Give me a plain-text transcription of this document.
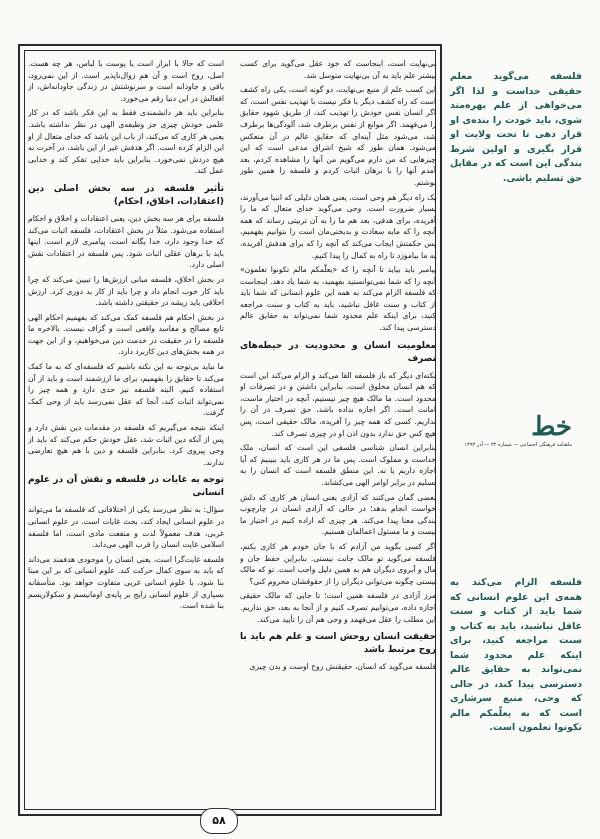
بی‌نهایت است، اینجاست که خود عقل می‌گوید برای کسب بیشتر علم باید به آن بی‌نهایت متوسل شد.

این کسب علم از منبع بی‌نهایت، دو گونه است، یکی راه کشف است که راه کشف دیگر با فکر نیست با تهذیب نفس است، که اگر انسان نفس خودش را تهذیب کند، از طریق شهود حقایق را می‌فهمد. اگر موانع از نفس برطرف شد، آلودگی‌ها برطرف شد، می‌شود مثل آینه‌ای که حقایق عالم در آن منعکس می‌شود. همان طور که شیخ اشراق مدعی است که این چیزهایی که من دارم می‌گویم من آنها را مشاهده کردم، بعد آمدم آنها را با برهان اثبات کردم و فلسفه را همین طور نوشتم.

یک راه دیگر هم وحی است، یعنی همان دلیلی که انبیا می‌آورند، بسیار ضرورت است. وحی می‌گوید خدای متعال که ما را آفریده، برای هدفی، بعد هم ما را به آن تربیتی رساند که همه آنچه را که مایه سعادت و بدبختی‌مان است را بتوانیم بفهمیم، پس حکمتش ایجاب می‌کند که آنچه را که برای هدفش آفریده، به ما بیاموزد تا راه به کمال را پیدا کنیم.

پیامبر باید بیاید تا آنچه را که «یعلّمکم مالم تکونوا تعلمون» آنچه را که شما نمی‌توانستید بفهمید، به شما یاد دهد. اینجاست که فلسفه الزام می‌کند به همه این علوم انسانی که شما باید از کتاب و سنت غافل نباشید، باید به کتاب و سنت مراجعه کنید، برای اینکه علم محدود شما نمی‌تواند به حقایق عالم دسترسی پیدا کند.

معلومیت انسان و محدودیت در حیطه‌های تصرف

نکته‌ای دیگر که باز فلسفه القا می‌کند و الزام می‌کند این است که هم انسان مخلوق است، بنابراین داشتن و در تصرفات او محدود است. ما مالک هیچ چیز نیستیم، آنچه در اختیار ماست، امانت است. اگر اجازه نداده باشد، حق تصرف در آن را نداریم. کسی که همه چیز را آفریده، مالک حقیقی است، پس هیچ کس حق ندارد بدون اذن او در چیزی تصرف کند.

بنابراین انسان شناسی فلسفی این است که انسان، ملک خداست و مملوک است. پس ما در هر کاری باید ببینیم که آیا اجازه داریم یا نه. این منطق فلسفه است که انسان را به تسلیم در برابر اوامر الهی می‌کشاند.

بعضی گمان می‌کنند که آزادی یعنی انسان هر کاری که دلش خواست انجام بدهد؛ در حالی که آزادی انسان در چارچوب بندگی معنا پیدا می‌کند. هر چیزی که اراده کنیم در اختیار ما نیست و ما مسئول اعمالمان هستیم.

اگر کسی بگوید من آزادم که با جان خودم هر کاری بکنم، فلسفه می‌گوید تو مالک جانت نیستی. بنابراین حفظ جان و مال و آبروی دیگران هم به همین دلیل واجب است. تو که مالک نیستی چگونه می‌توانی دیگران را از حقوقشان محروم کنی؟

مرز آزادی در فلسفه همین است؛ تا جایی که مالک حقیقی اجازه داده، می‌توانیم تصرف کنیم و از آنجا به بعد، حق نداریم. این مطلب را عقل می‌فهمد و وحی هم آن را تأیید می‌کند.

حقیقت انسان روحش است و علم هم باید با روح مرتبط باشد

فلسفه می‌گوید که انسان، حقیقتش روح اوست و بدن چیزی

است که حالا با ابزار است یا پوست یا لباس، هر چه هست. اصل، روح است و آن هم زوال‌ناپذیر است. از این نمی‌رود، باقی و جاودانه است و سرنوشتش در زندگی جاودانه‌اش، از افعالش در این دنیا رقم می‌خورد.

بنابراین باید هر دانشمندی فقط به این فکر باشد که در کار علمی خودش چیزی جز وظیفه‌ی الهی در نظر نداشته باشد. یعنی هر کاری که می‌کند، از باب این باشد که خدای متعال از او این الزام کرده است. اگر هدفش غیر از این باشد، در آخرت به هیچ دردش نمی‌خورد. بنابراین باید خدایی تفکر کند و خدایی عمل کند.

تأثیر فلسفه در سه بخش اصلی دین (اعتقادات، اخلاق، احکام)

فلسفه برای هر سه بخش دین، یعنی اعتقادات و اخلاق و احکام استفاده می‌شود. مثلاً در بخش اعتقادات، فلسفه اثبات می‌کند که خدا وجود دارد، خدا یگانه است، پیامبری لازم است. اینها باید با برهان عقلی اثبات شود. پس فلسفه در اعتقادات نقش اصلی دارد.

در بخش اخلاق، فلسفه مبانی ارزش‌ها را تبیین می‌کند که چرا باید کار خوب انجام داد و چرا باید از کار بد دوری کرد. ارزش اخلاقی باید ریشه در حقیقتی داشته باشد.

در بخش احکام هم فلسفه کمک می‌کند که بفهمیم احکام الهی تابع مصالح و مفاسد واقعی است و گزاف نیست. بالاخره ما فلسفه را در حقیقت در خدمت دین می‌خواهیم، و از این جهت در همه بخش‌های دین کاربرد دارد.

ما نباید بی‌توجه به این نکته باشیم که فلسفه‌ای که به ما کمک می‌کند تا حقایق را بفهمیم، برای ما ارزشمند است و باید از آن استفاده کنیم. البته فلسفه نیز حدی دارد و همه چیز را نمی‌تواند اثبات کند، آنجا که عقل نمی‌رسد باید از وحی کمک گرفت.

اینکه نتیجه می‌گیریم که فلسفه در مقدمات دین نقش دارد و پس از آنکه دین اثبات شد، عقل خودش حکم می‌کند که باید از وحی پیروی کرد. بنابراین فلسفه و دین با هم هیچ تعارضی ندارند.

توجه به غایات در فلسفه و نقش آن در علوم انسانی

سؤال: به نظر می‌رسد یکی از اختلافاتی که فلسفه ما می‌تواند در علوم انسانی ایجاد کند، بحث غایات است. در علوم انسانی غربی، هدف معمولاً لذت و منفعت مادی است، اما فلسفه اسلامی غایت انسان را قرب الهی می‌داند.

فلسفه غایت‌گرا است، یعنی انسان را موجودی هدفمند می‌داند که باید به سوی کمال حرکت کند. علوم انسانی که بر این مبنا بنا شود، با علوم انسانی غربی متفاوت خواهد بود. متأسفانه بسیاری از علوم انسانی رایج بر پایه‌ی اومانیسم و سکولاریسم بنا شده است.

۵۸
فلسفه می‌گوید معلم حقیقی خداست و لذا اگر می‌خواهی از علم بهره‌مند شوی، باید خودت را بنده‌ی او قرار دهی تا تحت ولایت او قرار بگیری و اولین شرط بندگی این است که در مقابل حق تسلیم باشی.
خط
ماهنامه فرهنگی اجتماعی — شماره ۳۲ — آذر ۱۳۹۳
فلسفه الزام می‌کند به همه‌ی این علوم انسانی که شما باید از کتاب و سنت غافل نباشید، باید به کتاب و سنت مراجعه کنید، برای اینکه علم محدود شما نمی‌تواند به حقایق عالم دسترسی پیدا کند، در حالی که وحی، منبع سرشاری است که به یعلّمکم مالم تکونوا تعلمون است.
